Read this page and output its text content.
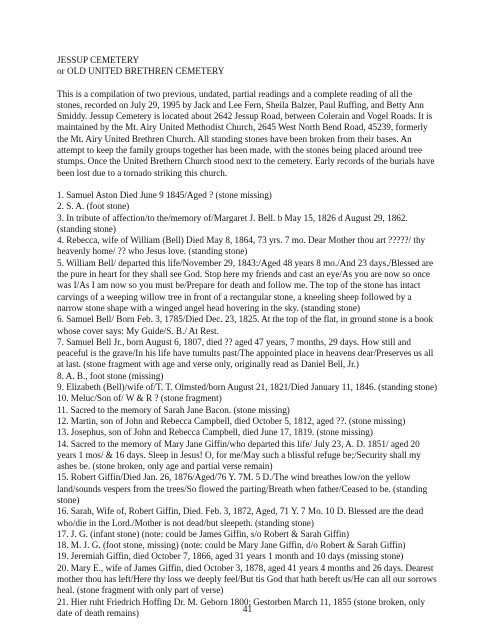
JESSUP CEMETERY
or OLD UNITED BRETHREN CEMETERY
This is a compilation of two previous, undated, partial readings and a complete reading of all the stones, recorded on July 29, 1995 by Jack and Lee Fern, Sheila Balzer, Paul Ruffing, and Betty Ann Smiddy. Jessup Cemetery is located about 2642 Jessup Road, between Colerain and Vogel Roads. It is maintained by the Mt. Airy United Methodist Church, 2645 West North Bend Road, 45239, formerly the Mt. Airy United Brethren Church. All standing stones have been broken from their bases. An attempt to keep the family groups together has been made, with the stones being placed around tree stumps. Once the United Brethern Church stood next to the cemetery. Early records of the burials have been lost due to a tornado striking this church.

1. Samuel Aston Died June 9 1845/Aged ? (stone missing)

2. S. A. (foot stone)

3. In tribute of affection/to the/memory of/Margaret J. Bell. b May 15, 1826 d August 29, 1862. (standing stone)

4. Rebecca, wife of William (Bell) Died May 8, 1864, 73 yrs. 7 mo. Dear Mother thou art ?????/ thy heavenly home/ ?? who Jesus love. (standing stone)

5. William Bell/ departed this life/November 29, 1843:/Aged 48 years 8 mo./And 23 days./Blessed are the pure in heart for they shall see God. Stop here my friends and cast an eye/As you are now so once was I/As I am now so you must be/Prepare for death and follow me. The top of the stone has intact carvings of a weeping willow tree in front of a rectangular stone, a kneeling sheep followed by a narrow stone shape with a winged angel head hovering in the sky. (standing stone)

6. Samuel Bell/ Born Feb. 3, 1785/Died Dec. 23, 1825. At the top of the flat, in ground stone is a book whose cover says: My Guide/S. B./ At Rest.

7. Samuel Bell Jr., born August 6, 1807, died ?? aged 47 years, 7 months, 29 days. How still and peaceful is the grave/In his life have tumults past/The appointed place in heavens dear/Preserves us all at last. (stone fragment with age and verse only, originally read as Daniel Bell, Jr.)

8. A. B., foot stone (missing)

9. Elizabeth (Bell)/wife of/T. T. Olmsted/born August 21, 1821/Died January 11, 1846. (standing stone)

10. Meluc/Son of/ W & R ? (stone fragment)

11. Sacred to the memory of Sarah Jane Bacon. (stone missing)

12. Martin, son of John and Rebecca Campbell, died October 5, 1812, aged ??. (stone missing)

13. Josephus, son of John and Rebecca Campbell, died June 17, 1819. (stone missing)

14. Sacred to the memory of Mary Jane Giffin/who departed this life/ July 23, A. D. 1851/ aged 20 years 1 mos/ & 16 days. Sleep in Jesus! O, for me/May such a blissful refuge be;/Security shall my ashes be. (stone broken, only age and partial verse remain)

15. Robert Giffin/Died Jan. 26, 1876/Aged/76 Y. 7M. 5 D./The wind breathes low/on the yellow land/sounds vespers from the trees/So flowed the parting/Breath when father/Ceased to be. (standing stone)

16. Sarah, Wife of, Robert Giffin, Died. Feb. 3, 1872, Aged, 71 Y. 7 Mo. 10 D. Blessed are the dead who/die in the Lord./Mother is not dead/but sleepeth. (standing stone)

17. J. G. (infant stone) (note: could be James Giffin, s/o Robert & Sarah Giffin)

18. M. J. G. (foot stone, missing) (note: could be Mary Jane Giffin, d/o Robert & Sarah Giffin)

19. Jeremiah Giffin, died October 7, 1866, aged 31 years 1 month and 10 days (missing stone)

20. Mary E., wife of James Giffin, died October 3, 1878, aged 41 years 4 months and 26 days. Dearest mother thou has left/Here thy loss we deeply feel/But tis God that hath bereft us/He can all our sorrows heal. (stone fragment with only part of verse)

21. Hier ruht Friedrich Hoffing Dr. M. Geborn 1800; Gestorben March 11, 1855 (stone broken, only date of death remains)	41
